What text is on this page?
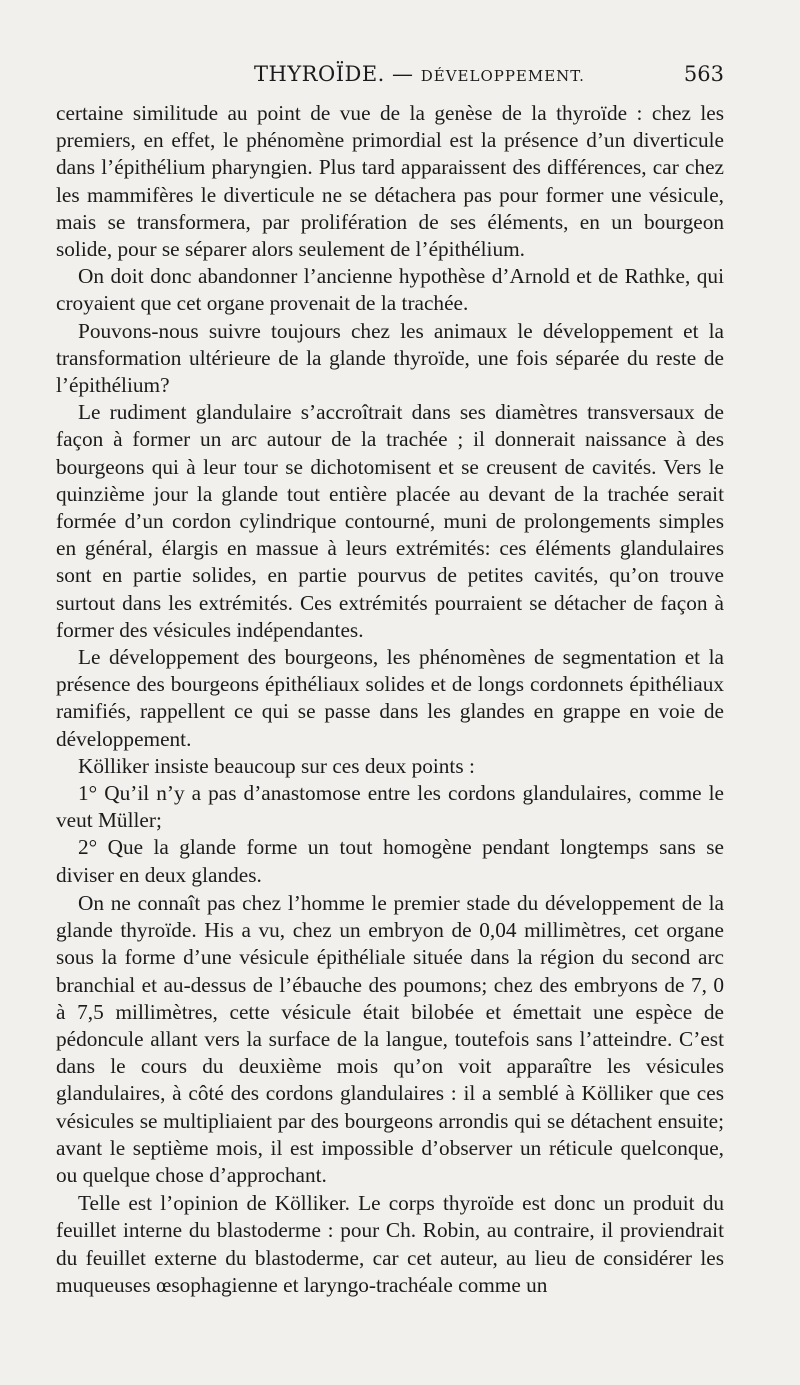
THYROÏDE. — DÉVELOPPEMENT.	563

certaine similitude au point de vue de la genèse de la thyroïde : chez les premiers, en effet, le phénomène primordial est la présence d’un diverticule dans l’épithélium pharyngien. Plus tard apparaissent des différences, car chez les mammifères le diverticule ne se détachera pas pour former une vésicule, mais se transformera, par prolifération de ses éléments, en un bourgeon solide, pour se séparer alors seulement de l’épithélium.

On doit donc abandonner l’ancienne hypothèse d’Arnold et de Rathke, qui croyaient que cet organe provenait de la trachée.

Pouvons-nous suivre toujours chez les animaux le développement et la transformation ultérieure de la glande thyroïde, une fois séparée du reste de l’épithélium?

Le rudiment glandulaire s’accroîtrait dans ses diamètres transversaux de façon à former un arc autour de la trachée ; il donnerait naissance à des bourgeons qui à leur tour se dichotomisent et se creusent de cavités. Vers le quinzième jour la glande tout entière placée au devant de la trachée serait formée d’un cordon cylindrique contourné, muni de prolongements simples en général, élargis en massue à leurs extrémités: ces éléments glandulaires sont en partie solides, en partie pourvus de petites cavités, qu’on trouve surtout dans les extrémités. Ces extrémités pourraient se détacher de façon à former des vésicules indépendantes.

Le développement des bourgeons, les phénomènes de segmentation et la présence des bourgeons épithéliaux solides et de longs cordonnets épithéliaux ramifiés, rappellent ce qui se passe dans les glandes en grappe en voie de développement.

Kölliker insiste beaucoup sur ces deux points :

1° Qu’il n’y a pas d’anastomose entre les cordons glandulaires, comme le veut Müller;

2° Que la glande forme un tout homogène pendant longtemps sans se diviser en deux glandes.

On ne connaît pas chez l’homme le premier stade du développement de la glande thyroïde. His a vu, chez un embryon de 0,04 millimètres, cet organe sous la forme d’une vésicule épithéliale située dans la région du second arc branchial et au-dessus de l’ébauche des poumons; chez des embryons de 7, 0 à 7,5 millimètres, cette vésicule était bilobée et émettait une espèce de pédoncule allant vers la surface de la langue, toutefois sans l’atteindre. C’est dans le cours du deuxième mois qu’on voit apparaître les vésicules glandulaires, à côté des cordons glandulaires : il a semblé à Kölliker que ces vésicules se multipliaient par des bourgeons arrondis qui se détachent ensuite; avant le septième mois, il est impossible d’observer un réticule quelconque, ou quelque chose d’approchant.

Telle est l’opinion de Kölliker. Le corps thyroïde est donc un produit du feuillet interne du blastoderme : pour Ch. Robin, au contraire, il proviendrait du feuillet externe du blastoderme, car cet auteur, au lieu de considérer les muqueuses œsophagienne et laryngo-trachéale comme un
